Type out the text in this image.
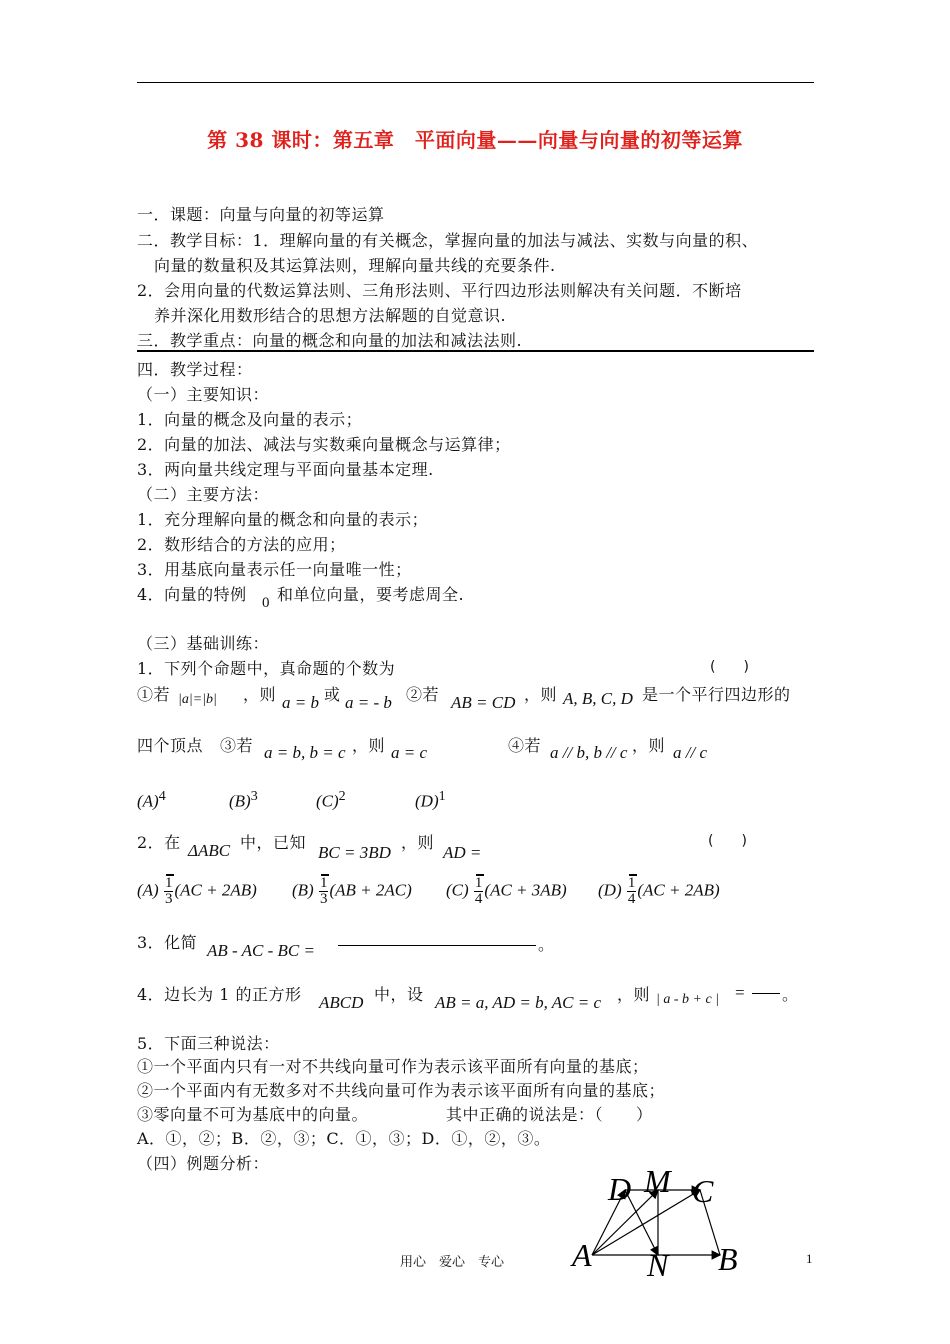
第 38 课时：第五章　平面向量——向量与向量的初等运算
一．课题：向量与向量的初等运算
二．教学目标：1．理解向量的有关概念，掌握向量的加法与减法、实数与向量的积、
向量的数量积及其运算法则，理解向量共线的充要条件.
2．会用向量的代数运算法则、三角形法则、平行四边形法则解决有关问题．不断培
养并深化用数形结合的思想方法解题的自觉意识.
三．教学重点：向量的概念和向量的加法和减法法则.
四．教学过程：
（一）主要知识：
1．向量的概念及向量的表示；
2．向量的加法、减法与实数乘向量概念与运算律；
3．两向量共线定理与平面向量基本定理.
（二）主要方法：
1．充分理解向量的概念和向量的表示；
2．数形结合的方法的应用；
3．用基底向量表示任一向量唯一性；
4．向量的特例 0 和单位向量，要考虑周全.
（三）基础训练：
1．下列个命题中，真命题的个数为	(　　)
①若 |a|=|b| ，则 a = b 或 a = - b ②若 AB = CD ，则 A, B, C, D 是一个平行四边形的
四个顶点 ③若 a = b, b = c ，则 a = c	④若 a // b, b // c ，则 a // c
$(A)^4$	$(B)^3$	$(C)^2$	$(D)^1$
2．在 ΔABC 中，已知
BC = 3BD
，则
AD =
(　　)
$(A) \frac{1}{3} (AC + 2AB)$ $(B) \frac{1}{3} (AB + 2AC)$ $(C) \frac{1}{4} (AC + 3AB)$ $(D) \frac{1}{4} (AC + 2AB)$
3．化简 AB - AC - BC =	。
4．边长为 1 的正方形 ABCD 中，设 AB = a, AD = b, AC = c ，则 | a - b + c | = 。
5．下面三种说法：
①一个平面内只有一对不共线向量可作为表示该平面所有向量的基底；
②一个平面内有无数多对不共线向量可作为表示该平面所有向量的基底；
③零向量不可为基底中的向量。	其中正确的说法是：（　　）
A．①，②；B．②，③；C．①，③；D．①，②，③。
（四）例题分析：
D M C
A N B
用心　爱心　专心	1
